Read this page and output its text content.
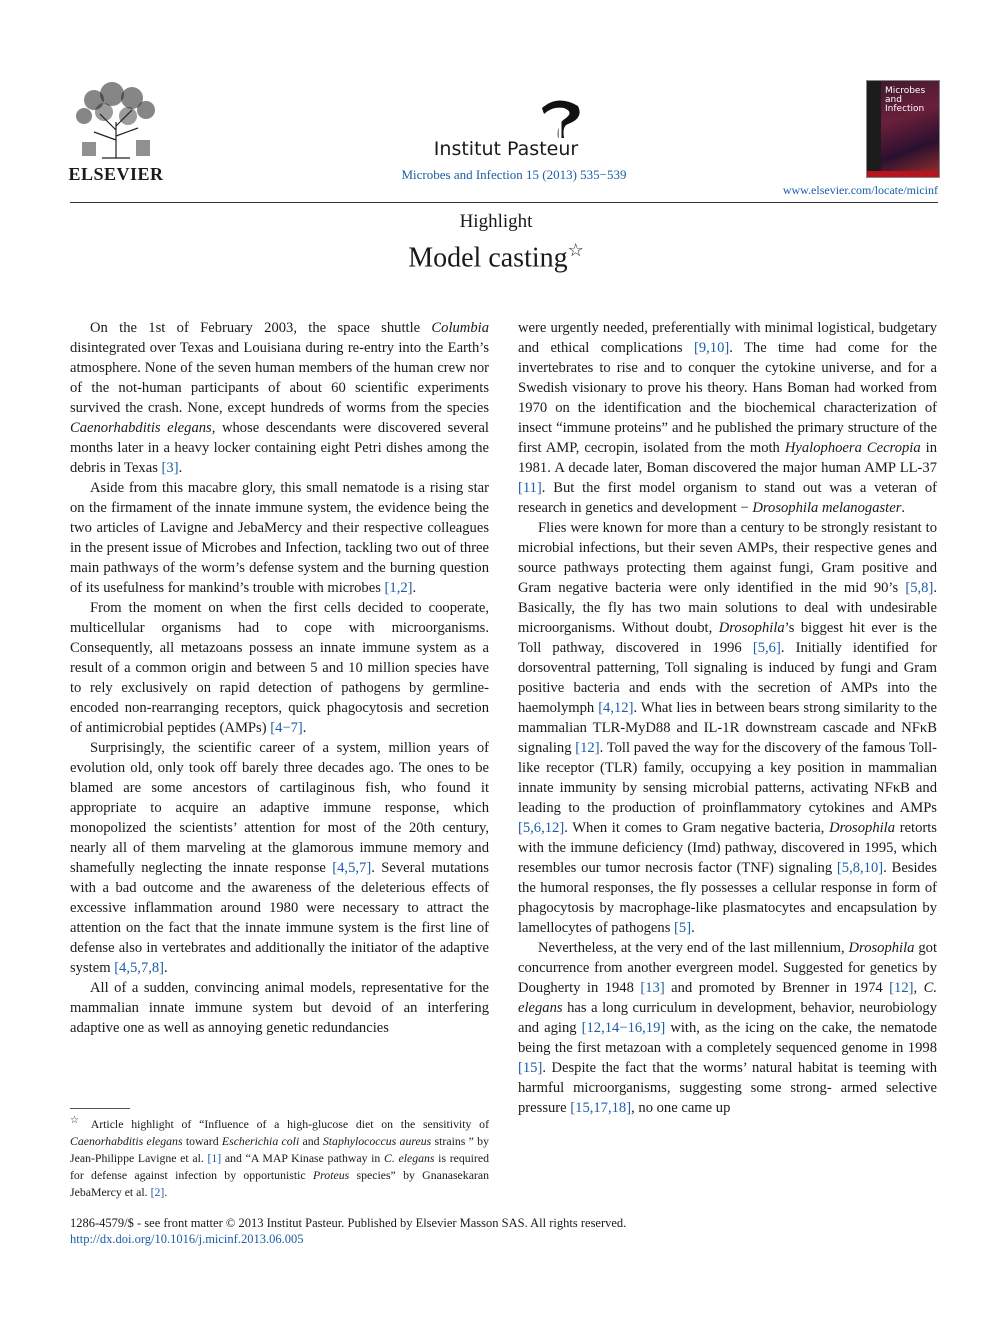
ELSEVIER
Institut Pasteur
Microbes and Infection 15 (2013) 535−539
Microbes and Infection
www.elsevier.com/locate/micinf
Highlight
Model casting☆

On the 1st of February 2003, the space shuttle Columbia disintegrated over Texas and Louisiana during re-entry into the Earth’s atmosphere. None of the seven human members of the human crew nor of the not-human participants of about 60 scientific experiments survived the crash. None, except hundreds of worms from the species Caenorhabditis elegans, whose descendants were discovered several months later in a heavy locker containing eight Petri dishes among the debris in Texas [3].

Aside from this macabre glory, this small nematode is a rising star on the firmament of the innate immune system, the evidence being the two articles of Lavigne and JebaMercy and their respective colleagues in the present issue of Microbes and Infection, tackling two out of three main pathways of the worm’s defense system and the burning question of its usefulness for mankind’s trouble with microbes [1,2].

From the moment on when the first cells decided to cooperate, multicellular organisms had to cope with microorganisms. Consequently, all metazoans possess an innate immune system as a result of a common origin and between 5 and 10 million species have to rely exclusively on rapid detection of pathogens by germline-encoded non-rearranging receptors, quick phagocytosis and secretion of antimicrobial peptides (AMPs) [4−7].

Surprisingly, the scientific career of a system, million years of evolution old, only took off barely three decades ago. The ones to be blamed are some ancestors of cartilaginous fish, who found it appropriate to acquire an adaptive immune response, which monopolized the scientists’ attention for most of the 20th century, nearly all of them marveling at the glamorous immune memory and shamefully neglecting the innate response [4,5,7]. Several mutations with a bad outcome and the awareness of the deleterious effects of excessive inflammation around 1980 were necessary to attract the attention on the fact that the innate immune system is the first line of defense also in vertebrates and additionally the initiator of the adaptive system [4,5,7,8].

All of a sudden, convincing animal models, representative for the mammalian innate immune system but devoid of an interfering adaptive one as well as annoying genetic redundancies

were urgently needed, preferentially with minimal logistical, budgetary and ethical complications [9,10]. The time had come for the invertebrates to rise and to conquer the cytokine universe, and for a Swedish visionary to prove his theory. Hans Boman had worked from 1970 on the identification and the biochemical characterization of insect “immune proteins” and he published the primary structure of the first AMP, cecropin, isolated from the moth Hyalophoera Cecropia in 1981. A decade later, Boman discovered the major human AMP LL-37 [11]. But the first model organism to stand out was a veteran of research in genetics and development − Drosophila melanogaster.

Flies were known for more than a century to be strongly resistant to microbial infections, but their seven AMPs, their respective genes and source pathways protecting them against fungi, Gram positive and Gram negative bacteria were only identified in the mid 90’s [5,8]. Basically, the fly has two main solutions to deal with undesirable microorganisms. Without doubt, Drosophila’s biggest hit ever is the Toll pathway, discovered in 1996 [5,6]. Initially identified for dorsoventral patterning, Toll signaling is induced by fungi and Gram positive bacteria and ends with the secretion of AMPs into the haemolymph [4,12]. What lies in between bears strong similarity to the mammalian TLR-MyD88 and IL-1R downstream cascade and NFκB signaling [12]. Toll paved the way for the discovery of the famous Toll- like receptor (TLR) family, occupying a key position in mammalian innate immunity by sensing microbial patterns, activating NFκB and leading to the production of proinflammatory cytokines and AMPs [5,6,12]. When it comes to Gram negative bacteria, Drosophila retorts with the immune deficiency (Imd) pathway, discovered in 1995, which resembles our tumor necrosis factor (TNF) signaling [5,8,10]. Besides the humoral responses, the fly possesses a cellular response in form of phagocytosis by macrophage-like plasmatocytes and encapsulation by lamellocytes of pathogens [5].

Nevertheless, at the very end of the last millennium, Drosophila got concurrence from another evergreen model. Suggested for genetics by Dougherty in 1948 [13] and promoted by Brenner in 1974 [12], C. elegans has a long curriculum in development, behavior, neurobiology and aging [12,14−16,19] with, as the icing on the cake, the nematode being the first metazoan with a completely sequenced genome in 1998 [15]. Despite the fact that the worms’ natural habitat is teeming with harmful microorganisms, suggesting some strong- armed selective pressure [15,17,18], no one came up

☆ Article highlight of “Influence of a high-glucose diet on the sensitivity of Caenorhabditis elegans toward Escherichia coli and Staphylococcus aureus strains ” by Jean-Philippe Lavigne et al. [1] and “A MAP Kinase pathway in C. elegans is required for defense against infection by opportunistic Proteus species” by Gnanasekaran JebaMercy et al. [2].
1286-4579/$ - see front matter © 2013 Institut Pasteur. Published by Elsevier Masson SAS. All rights reserved.
http://dx.doi.org/10.1016/j.micinf.2013.06.005
